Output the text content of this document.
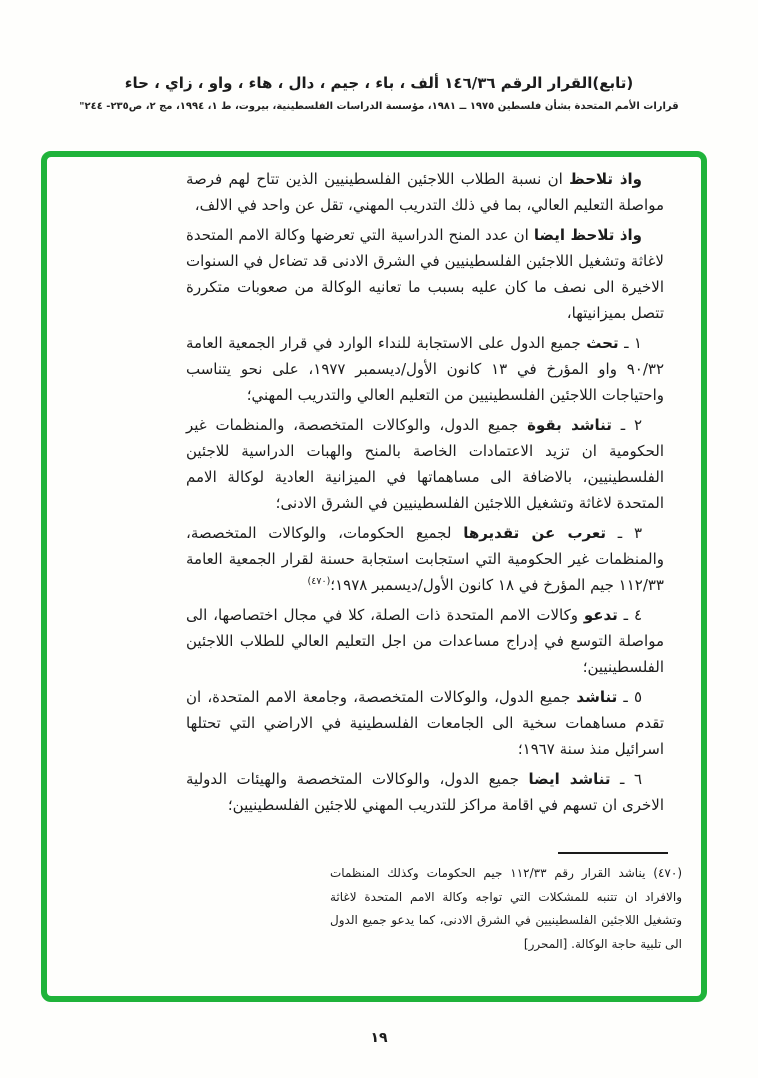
(تابع)القرار الرقم ١٤٦/٣٦ ألف ، باء ، جيم ، دال ، هاء ، واو ، زاي ، حاء
قرارات الأمم المتحدة بشأن فلسطين ١٩٧٥ ــ ١٩٨١، مؤسسة الدراسات الفلسطينية، بيروت، ط ١، ١٩٩٤، مج ٢، ص٢٣٥- ٢٤٤"

واذ تلاحظ ان نسبة الطلاب اللاجئين الفلسطينيين الذين تتاح لهم فرصة مواصلة التعليم العالي، بما في ذلك التدريب المهني، تقل عن واحد في الالف،

واذ تلاحظ ايضا ان عدد المنح الدراسية التي تعرضها وكالة الامم المتحدة لاغاثة وتشغيل اللاجئين الفلسطينيين في الشرق الادنى قد تضاءل في السنوات الاخيرة الى نصف ما كان عليه بسبب ما تعانيه الوكالة من صعوبات متكررة تتصل بميزانيتها،

١ ـ تحث جميع الدول على الاستجابة للنداء الوارد في قرار الجمعية العامة ٩٠/٣٢ واو المؤرخ في ١٣ كانون الأول/ديسمبر ١٩٧٧، على نحو يتناسب واحتياجات اللاجئين الفلسطينيين من التعليم العالي والتدريب المهني؛

٢ ـ تناشد بقوة جميع الدول، والوكالات المتخصصة، والمنظمات غير الحكومية ان تزيد الاعتمادات الخاصة بالمنح والهبات الدراسية للاجئين الفلسطينيين، بالاضافة الى مساهماتها في الميزانية العادية لوكالة الامم المتحدة لاغاثة وتشغيل اللاجئين الفلسطينيين في الشرق الادنى؛

٣ ـ تعرب عن تقديرها لجميع الحكومات، والوكالات المتخصصة، والمنظمات غير الحكومية التي استجابت استجابة حسنة لقرار الجمعية العامة ١١٢/٣٣ جيم المؤرخ في ١٨ كانون الأول/ديسمبر ١٩٧٨؛$^{(٤٧٠)}$

٤ ـ تدعو وكالات الامم المتحدة ذات الصلة، كلا في مجال اختصاصها، الى مواصلة التوسع في إدراج مساعدات من اجل التعليم العالي للطلاب اللاجئين الفلسطينيين؛

٥ ـ تناشد جميع الدول، والوكالات المتخصصة، وجامعة الامم المتحدة، ان تقدم مساهمات سخية الى الجامعات الفلسطينية في الاراضي التي تحتلها اسرائيل منذ سنة ١٩٦٧؛

٦ ـ تناشد ايضا جميع الدول، والوكالات المتخصصة والهيئات الدولية الاخرى ان تسهم في اقامة مراكز للتدريب المهني للاجئين الفلسطينيين؛

(٤٧٠) يناشد القرار رقم ١١٢/٣٣ جيم الحكومات وكذلك المنظمات والافراد ان تتنبه للمشكلات التي تواجه وكالة الامم المتحدة لاغاثة وتشغيل اللاجئين الفلسطينيين في الشرق الادنى، كما يدعو جميع الدول الى تلبية حاجة الوكالة. [المحرر]
١٩
